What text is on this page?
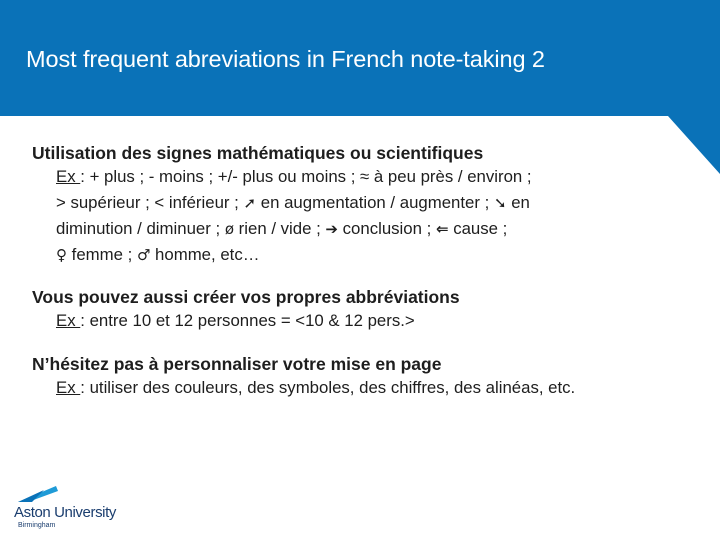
Most frequent abreviations in French note-taking 2
Utilisation des signes mathématiques ou scientifiques
Ex : + plus ; - moins ; +/- plus ou moins ; ≈ à peu près / environ ;
> supérieur ; < inférieur ; ➚ en augmentation / augmenter ; ➘ en
diminution / diminuer ; ø rien / vide ; ➔ conclusion ; ⇐ cause ;
♀ femme ; ♂ homme, etc…
Vous pouvez aussi créer vos propres abbréviations
Ex : entre 10 et 12 personnes = <10 & 12 pers.>
N’hésitez pas à personnaliser votre mise en page
Ex : utiliser des couleurs, des symboles, des chiffres, des alinéas, etc.
Aston University
Birmingham
